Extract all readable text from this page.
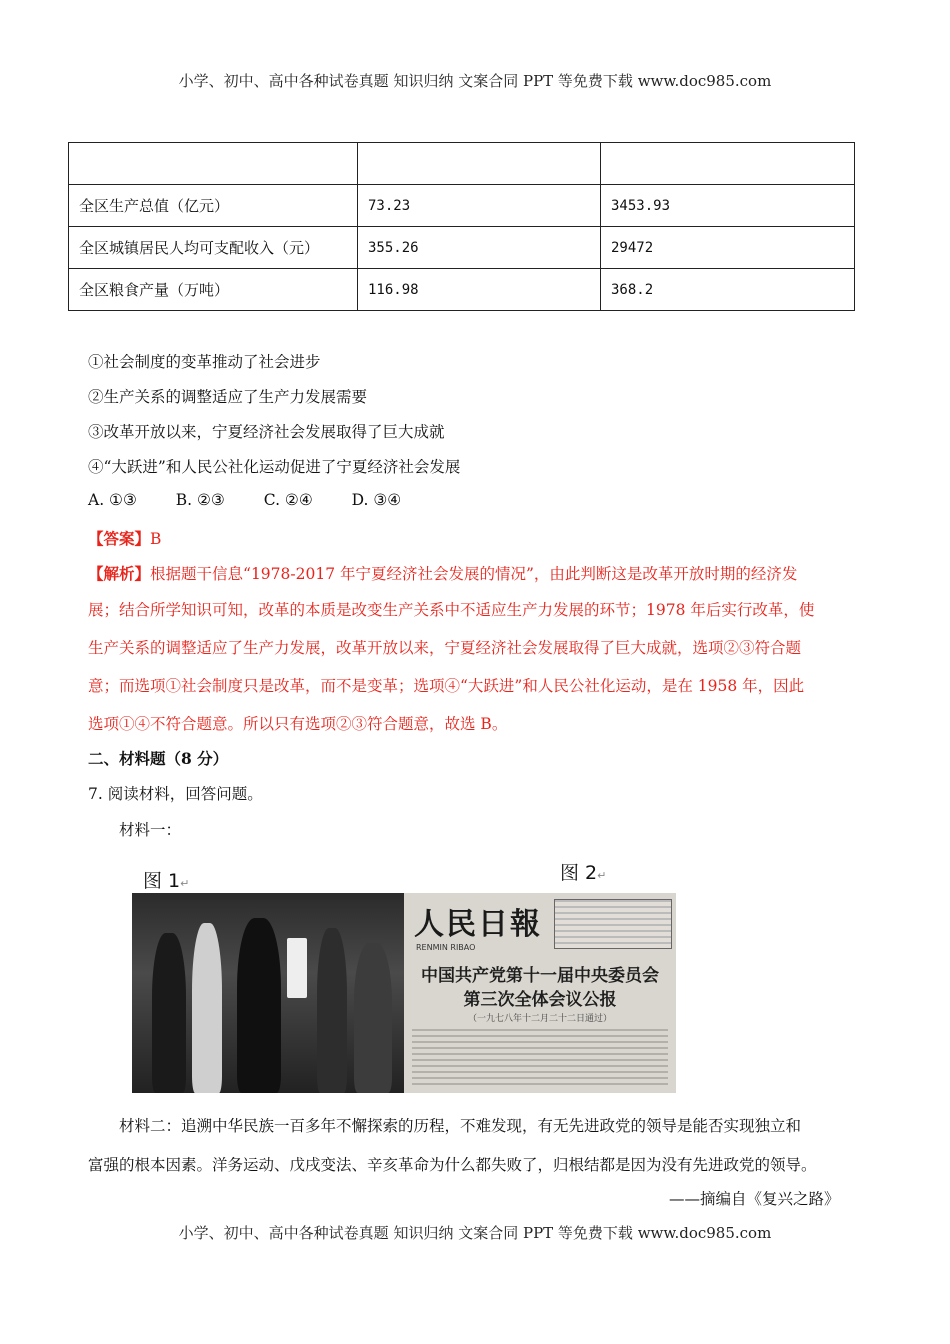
小学、初中、高中各种试卷真题 知识归纳 文案合同 PPT 等免费下载 www.doc985.com

全区生产总值（亿元）	73.23	3453.93
全区城镇居民人均可支配收入（元）	355.26	29472
全区粮食产量（万吨）	116.98	368.2
①社会制度的变革推动了社会进步
②生产关系的调整适应了生产力发展需要
③改革开放以来，宁夏经济社会发展取得了巨大成就
④“大跃进”和人民公社化运动促进了宁夏经济社会发展
A. ①③	B. ②③	C. ②④	D. ③④
【答案】B
【解析】根据题干信息“1978-2017 年宁夏经济社会发展的情况”，由此判断这是改革开放时期的经济发
展；结合所学知识可知，改革的本质是改变生产关系中不适应生产力发展的环节；1978 年后实行改革，使
生产关系的调整适应了生产力发展，改革开放以来，宁夏经济社会发展取得了巨大成就，选项②③符合题
意；而选项①社会制度只是改革，而不是变革；选项④“大跃进”和人民公社化运动，是在 1958 年，因此
选项①④不符合题意。所以只有选项②③符合题意，故选 B。
二、材料题（8 分）
7. 阅读材料，回答问题。
材料一：
图 1↵	图 2↵
人民日報
RENMIN RIBAO
中国共产党第十一届中央委员会
第三次全体会议公报
（一九七八年十二月二十二日通过）
材料二：追溯中华民族一百多年不懈探索的历程，不难发现，有无先进政党的领导是能否实现独立和
富强的根本因素。洋务运动、戊戌变法、辛亥革命为什么都失败了，归根结都是因为没有先进政党的领导。
——摘编自《复兴之路》
小学、初中、高中各种试卷真题 知识归纳 文案合同 PPT 等免费下载 www.doc985.com
